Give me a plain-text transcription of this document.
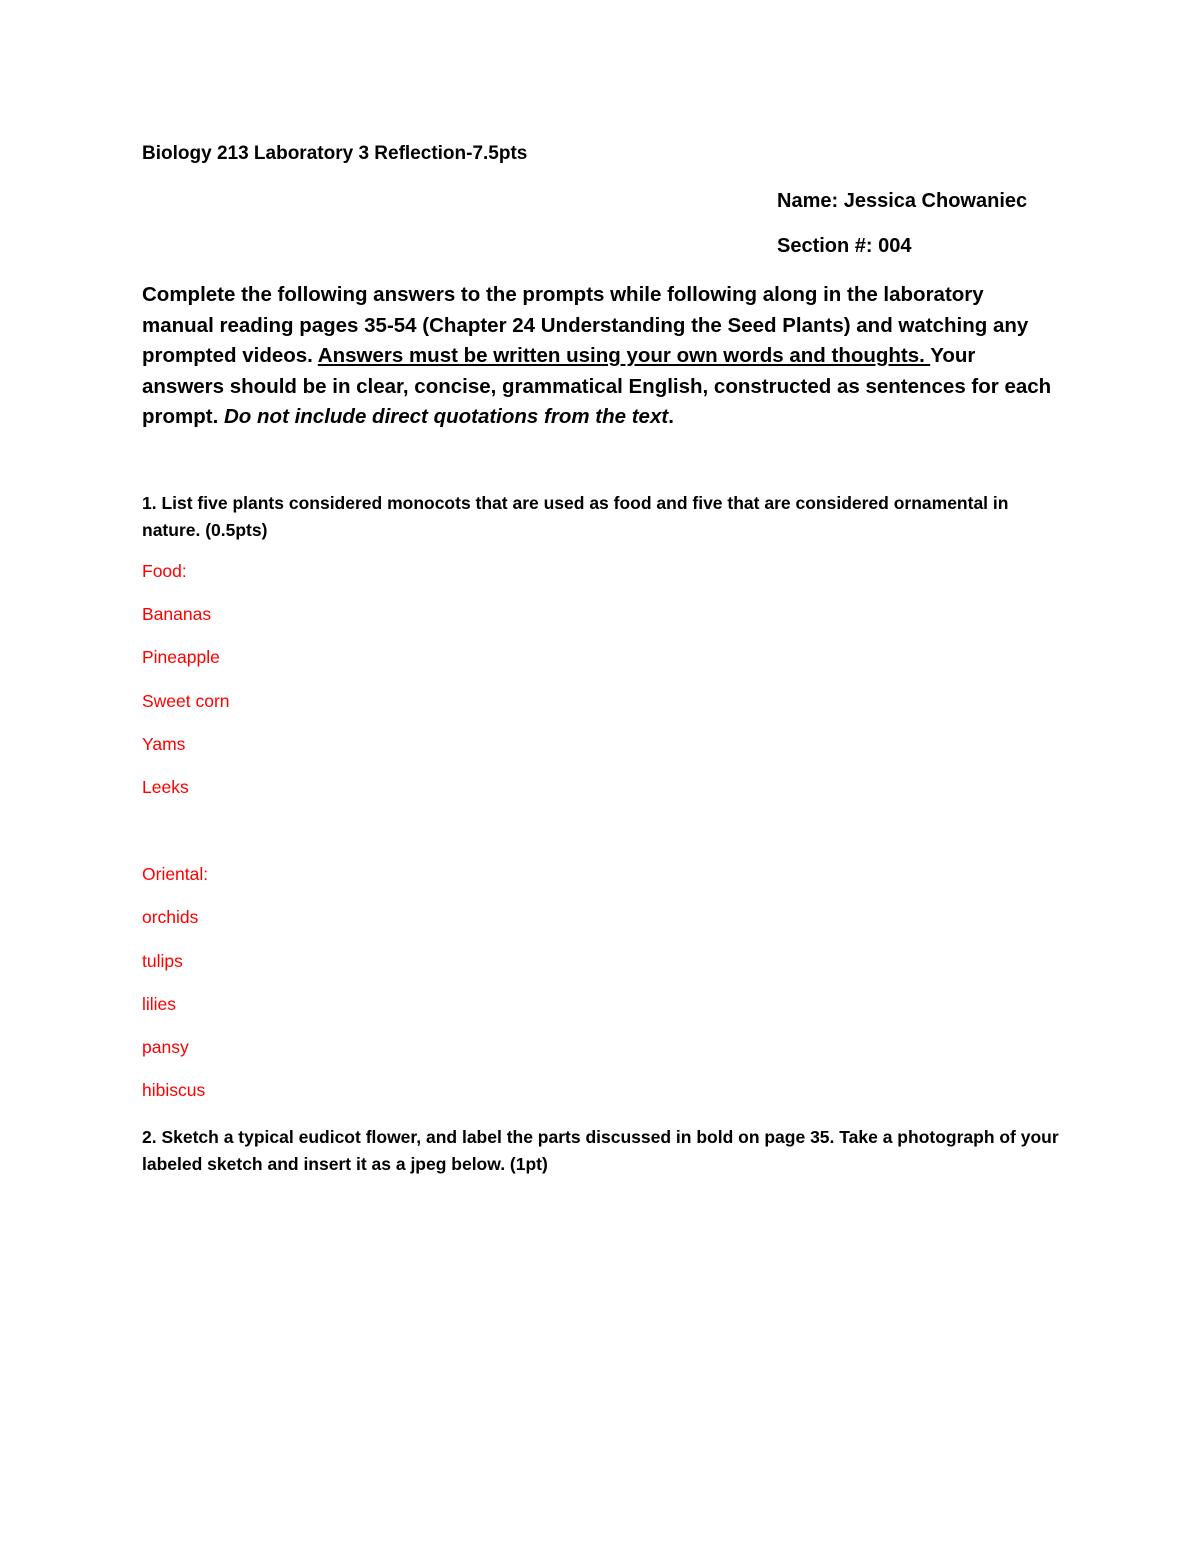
Biology 213 Laboratory 3 Reflection-7.5pts
Name: Jessica Chowaniec
Section #: 004
Complete the following answers to the prompts while following along in the laboratory manual reading pages 35-54 (Chapter 24 Understanding the Seed Plants) and watching any prompted videos. Answers must be written using your own words and thoughts. Your answers should be in clear, concise, grammatical English, constructed as sentences for each prompt. Do not include direct quotations from the text.
1. List five plants considered monocots that are used as food and five that are considered ornamental in nature. (0.5pts)
Food:
Bananas
Pineapple
Sweet corn
Yams
Leeks
Oriental:
orchids
tulips
lilies
pansy
hibiscus
2. Sketch a typical eudicot flower, and label the parts discussed in bold on page 35. Take a photograph of your labeled sketch and insert it as a jpeg below. (1pt)
